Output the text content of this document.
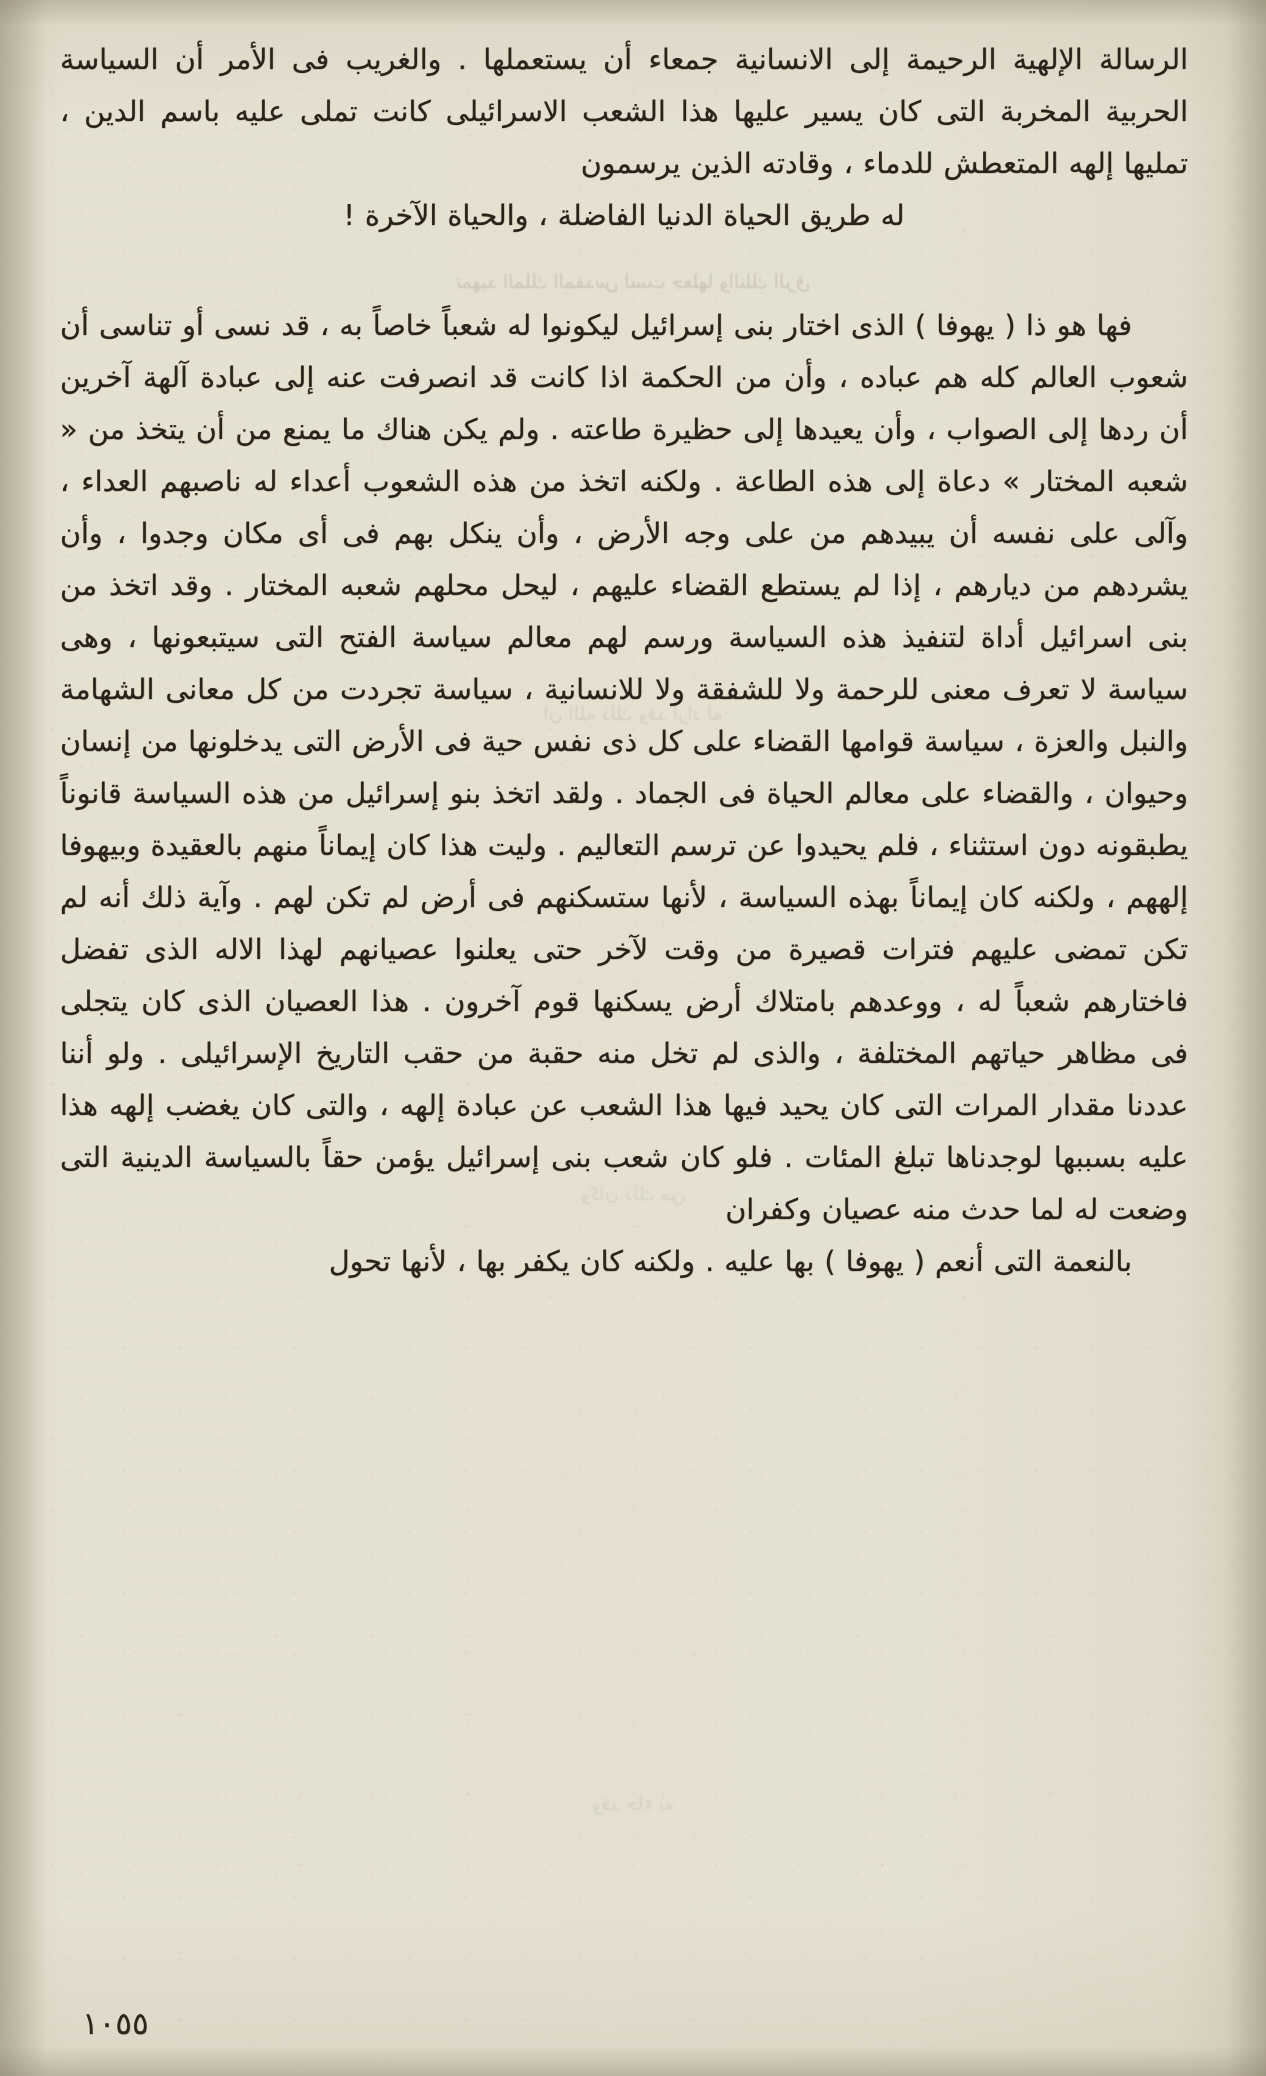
تمهيد الملك المقدس لست جعلها والتلك الرق
ان الله ذلك وقد أراد له
وكان ذلك من
وقد جاء به

الرسالة الإلهية الرحيمة إلى الانسانية جمعاء أن يستعملها . والغريب فى الأمر أن السياسة الحربية المخربة التى كان يسير عليها هذا الشعب الاسرائيلى كانت تملى عليه باسم الدين ، تمليها إلهه المتعطش للدماء ، وقادته الذين يرسمون
له طريق الحياة الدنيا الفاضلة ، والحياة الآخرة !

فها هو ذا ( يهوفا ) الذى اختار بنى إسرائيل ليكونوا له شعباً خاصاً به ، قد نسى أو تناسى أن شعوب العالم كله هم عباده ، وأن من الحكمة اذا كانت قد انصرفت عنه إلى عبادة آلهة آخرين أن ردها إلى الصواب ، وأن يعيدها إلى حظيرة طاعته . ولم يكن هناك ما يمنع من أن يتخذ من « شعبه المختار » دعاة إلى هذه الطاعة . ولكنه اتخذ من هذه الشعوب أعداء له ناصبهم العداء ، وآلى على نفسه أن يبيدهم من على وجه الأرض ، وأن ينكل بهم فى أى مكان وجدوا ، وأن يشردهم من ديارهم ، إذا لم يستطع القضاء عليهم ، ليحل محلهم شعبه المختار . وقد اتخذ من بنى اسرائيل أداة لتنفيذ هذه السياسة ورسم لهم معالم سياسة الفتح التى سيتبعونها ، وهى سياسة لا تعرف معنى للرحمة ولا للشفقة ولا للانسانية ، سياسة تجردت من كل معانى الشهامة والنبل والعزة ، سياسة قوامها القضاء على كل ذى نفس حية فى الأرض التى يدخلونها من إنسان وحيوان ، والقضاء على معالم الحياة فى الجماد . ولقد اتخذ بنو إسرائيل من هذه السياسة قانوناً يطبقونه دون استثناء ، فلم يحيدوا عن ترسم التعاليم . وليت هذا كان إيماناً منهم بالعقيدة وبيهوفا إلههم ، ولكنه كان إيماناً بهذه السياسة ، لأنها ستسكنهم فى أرض لم تكن لهم . وآية ذلك أنه لم تكن تمضى عليهم فترات قصيرة من وقت لآخر حتى يعلنوا عصيانهم لهذا الاله الذى تفضل فاختارهم شعباً له ، ووعدهم بامتلاك أرض يسكنها قوم آخرون . هذا العصيان الذى كان يتجلى فى مظاهر حياتهم المختلفة ، والذى لم تخل منه حقبة من حقب التاريخ الإسرائيلى . ولو أننا عددنا مقدار المرات التى كان يحيد فيها هذا الشعب عن عبادة إلهه ، والتى كان يغضب إلهه هذا عليه بسببها لوجدناها تبلغ المئات . فلو كان شعب بنى إسرائيل يؤمن حقاً بالسياسة الدينية التى وضعت له لما حدث منه عصيان وكفران
بالنعمة التى أنعم ( يهوفا ) بها عليه . ولكنه كان يكفر بها ، لأنها تحول

١٠٥٥
